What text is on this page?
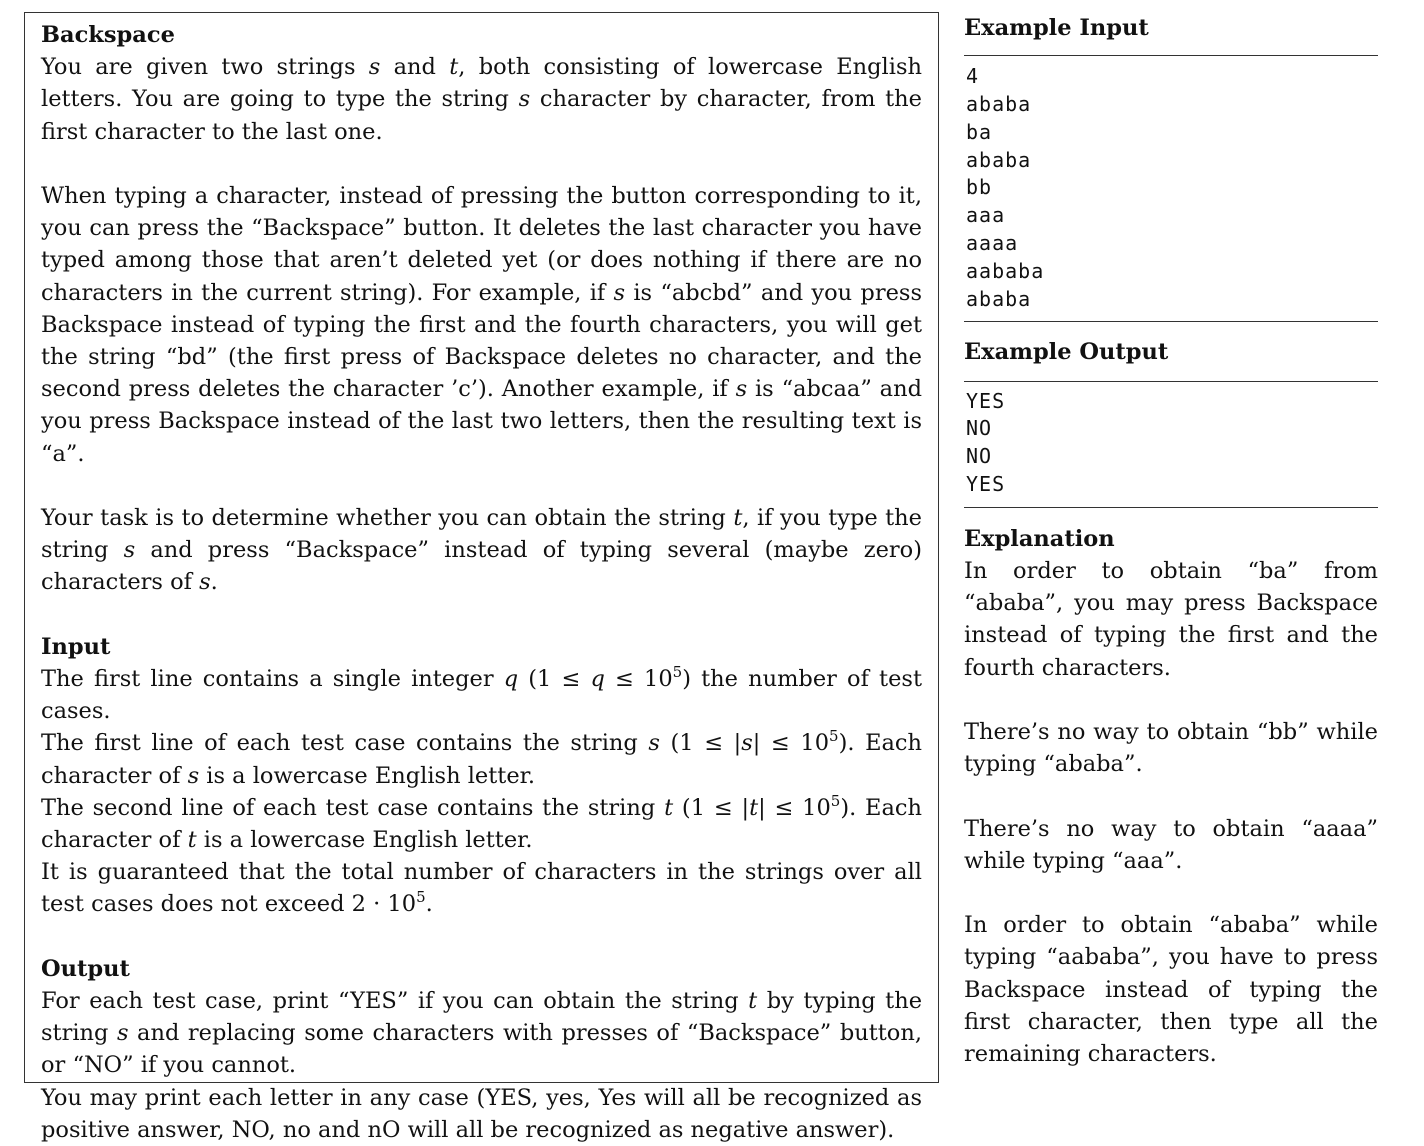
Backspace

You are given two strings s and t, both consisting of lowercase English letters. You are going to type the string s character by character, from the first character to the last one.

When typing a character, instead of pressing the button corresponding to it, you can press the “Backspace” button. It deletes the last character you have typed among those that aren’t deleted yet (or does nothing if there are no characters in the current string). For example, if s is “abcbd” and you press Backspace instead of typing the first and the fourth characters, you will get the string “bd” (the first press of Backspace deletes no character, and the second press deletes the character ’c’). Another example, if s is “abcaa” and you press Backspace instead of the last two letters, then the resulting text is “a”.

Your task is to determine whether you can obtain the string t, if you type the string s and press “Backspace” instead of typing several (maybe zero) characters of s.

Input

The first line contains a single integer q $(1 \le q \le 10^5)$ the number of test cases.

The first line of each test case contains the string s $(1 \le |s| \le 10^5)$. Each character of s is a lowercase English letter.

The second line of each test case contains the string t $(1 \le |t| \le 10^5)$. Each character of t is a lowercase English letter.

It is guaranteed that the total number of characters in the strings over all test cases does not exceed $2 \cdot 10^5$.

Output

For each test case, print “YES” if you can obtain the string t by typing the string s and replacing some characters with presses of “Backspace” button, or “NO” if you cannot.

You may print each letter in any case (YES, yes, Yes will all be recognized as positive answer, NO, no and nO will all be recognized as negative answer).

Example Input
4
ababa
ba
ababa
bb
aaa
aaaa
aababa
ababa
Example Output
YES
NO
NO
YES
Explanation

In order to obtain “ba” from “ababa”, you may press Backspace instead of typing the first and the fourth characters.

There’s no way to obtain “bb” while typing “ababa”.

There’s no way to obtain “aaaa” while typing “aaa”.

In order to obtain “ababa” while typing “aababa”, you have to press Backspace instead of typing the first character, then type all the remaining characters.
